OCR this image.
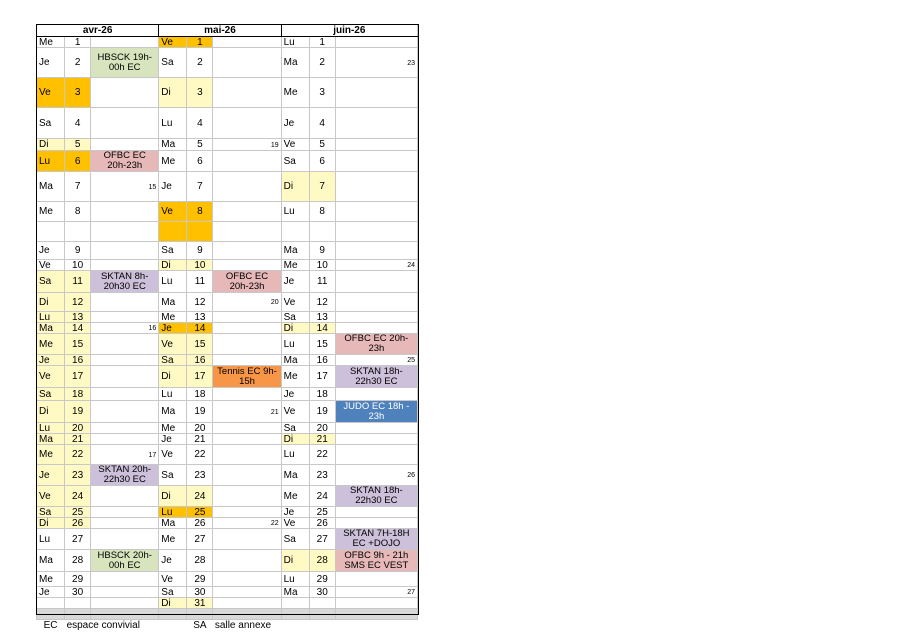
avr-26			mai-26			juin-26		
Me	1		Ve	1		Lu	1	
Je	2	HBSCK 19h-00h EC	Sa	2		Ma	2	23
Ve	3		Di	3		Me	3	
Sa	4		Lu	4		Je	4	
Di	5		Ma	5	19	Ve	5	
Lu	6	OFBC EC 20h-23h	Me	6		Sa	6	
Ma	7	15	Je	7		Di	7	
Me	8		Ve	8		Lu	8	

Je	9		Sa	9		Ma	9	
Ve	10		Di	10		Me	10	24
Sa	11	SKTAN 8h-20h30 EC	Lu	11	OFBC EC 20h-23h	Je	11	
Di	12		Ma	12	20	Ve	12	
Lu	13		Me	13		Sa	13	
Ma	14	16	Je	14		Di	14	
Me	15		Ve	15		Lu	15	OFBC EC 20h-23h

Je	16		Sa	16		Ma	16	25
Ve	17		Di	17	Tennis EC 9h-15h	Me	17	SKTAN 18h-22h30 EC

Sa	18		Lu	18		Je	18	
Di	19		Ma	19	21	Ve	19	JUDO EC 18h - 23h

Lu	20		Me	20		Sa	20	
Ma	21		Je	21		Di	21	
Me	22	17	Ve	22		Lu	22	
Je	23	SKTAN 20h-22h30 EC	Sa	23		Ma	23	26
Ve	24		Di	24		Me	24	SKTAN 18h-22h30 EC

Sa	25		Lu	25		Je	25	
Di	26		Ma	26	22	Ve	26	
Lu	27		Me	27		Sa	27	SKTAN 7H-18H EC +DOJO

Ma	28	HBSCK 20h-00h EC	Je	28		Di	28	OFBC 9h - 21h SMS EC VEST

Me	29		Ve	29		Lu	29	
Je	30		Sa	30		Ma	30	27
			Di	31				

EC	espace convivial			SA	salle annexe			
